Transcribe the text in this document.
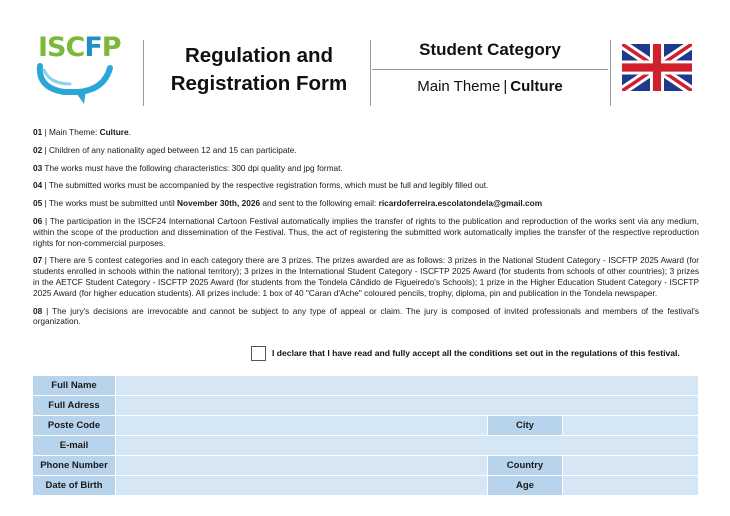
ISCFP	Regulation and
Registration Form
Student Category
Main Theme | Culture

01 | Main Theme: Culture.

02 | Children of any nationality aged between 12 and 15 can participate.

03 The works must have the following characteristics: 300 dpi quality and jpg format.

04 | The submitted works must be accompanied by the respective registration forms, which must be full and legibly filled out.

05 | The works must be submitted until November 30th, 2026 and sent to the following email: ricardoferreira.escolatondela@gmail.com

06 | The participation in the ISCF24 International Cartoon Festival automatically implies the transfer of rights to the publication and reproduction of the works sent via any medium, within the scope of the production and dissemination of the Festival. Thus, the act of registering the submitted work automatically implies the transfer of the respective reproduction rights for non-commercial purposes.

07 | There are 5 contest categories and in each category there are 3 prizes. The prizes awarded are as follows: 3 prizes in the National Student Category - ISCFTP 2025 Award (for students enrolled in schools within the national territory); 3 prizes in the International Student Category - ISCFTP 2025 Award (for students from schools of other countries); 3 prizes in the AETCF Student Category - ISCFTP 2025 Award (for students from the Tondela Cândido de Figueiredo's Schools); 1 prize in the Higher Education Student Category - ISCFTP 2025 Award (for higher education students). All prizes include: 1 box of 40 "Caran d'Ache" coloured pencils, trophy, diploma, pin and publication in the Tondela newspaper.

08 | The jury's decisions are irrevocable and cannot be subject to any type of appeal or claim. The jury is composed of invited professionals and members of the festival's organization.

I declare that I have read and fully accept all the conditions set out in the regulations of this festival.
Full Name
Full Adress
Poste Code	City
E-mail
Phone Number	Country
Date of Birth	Age
